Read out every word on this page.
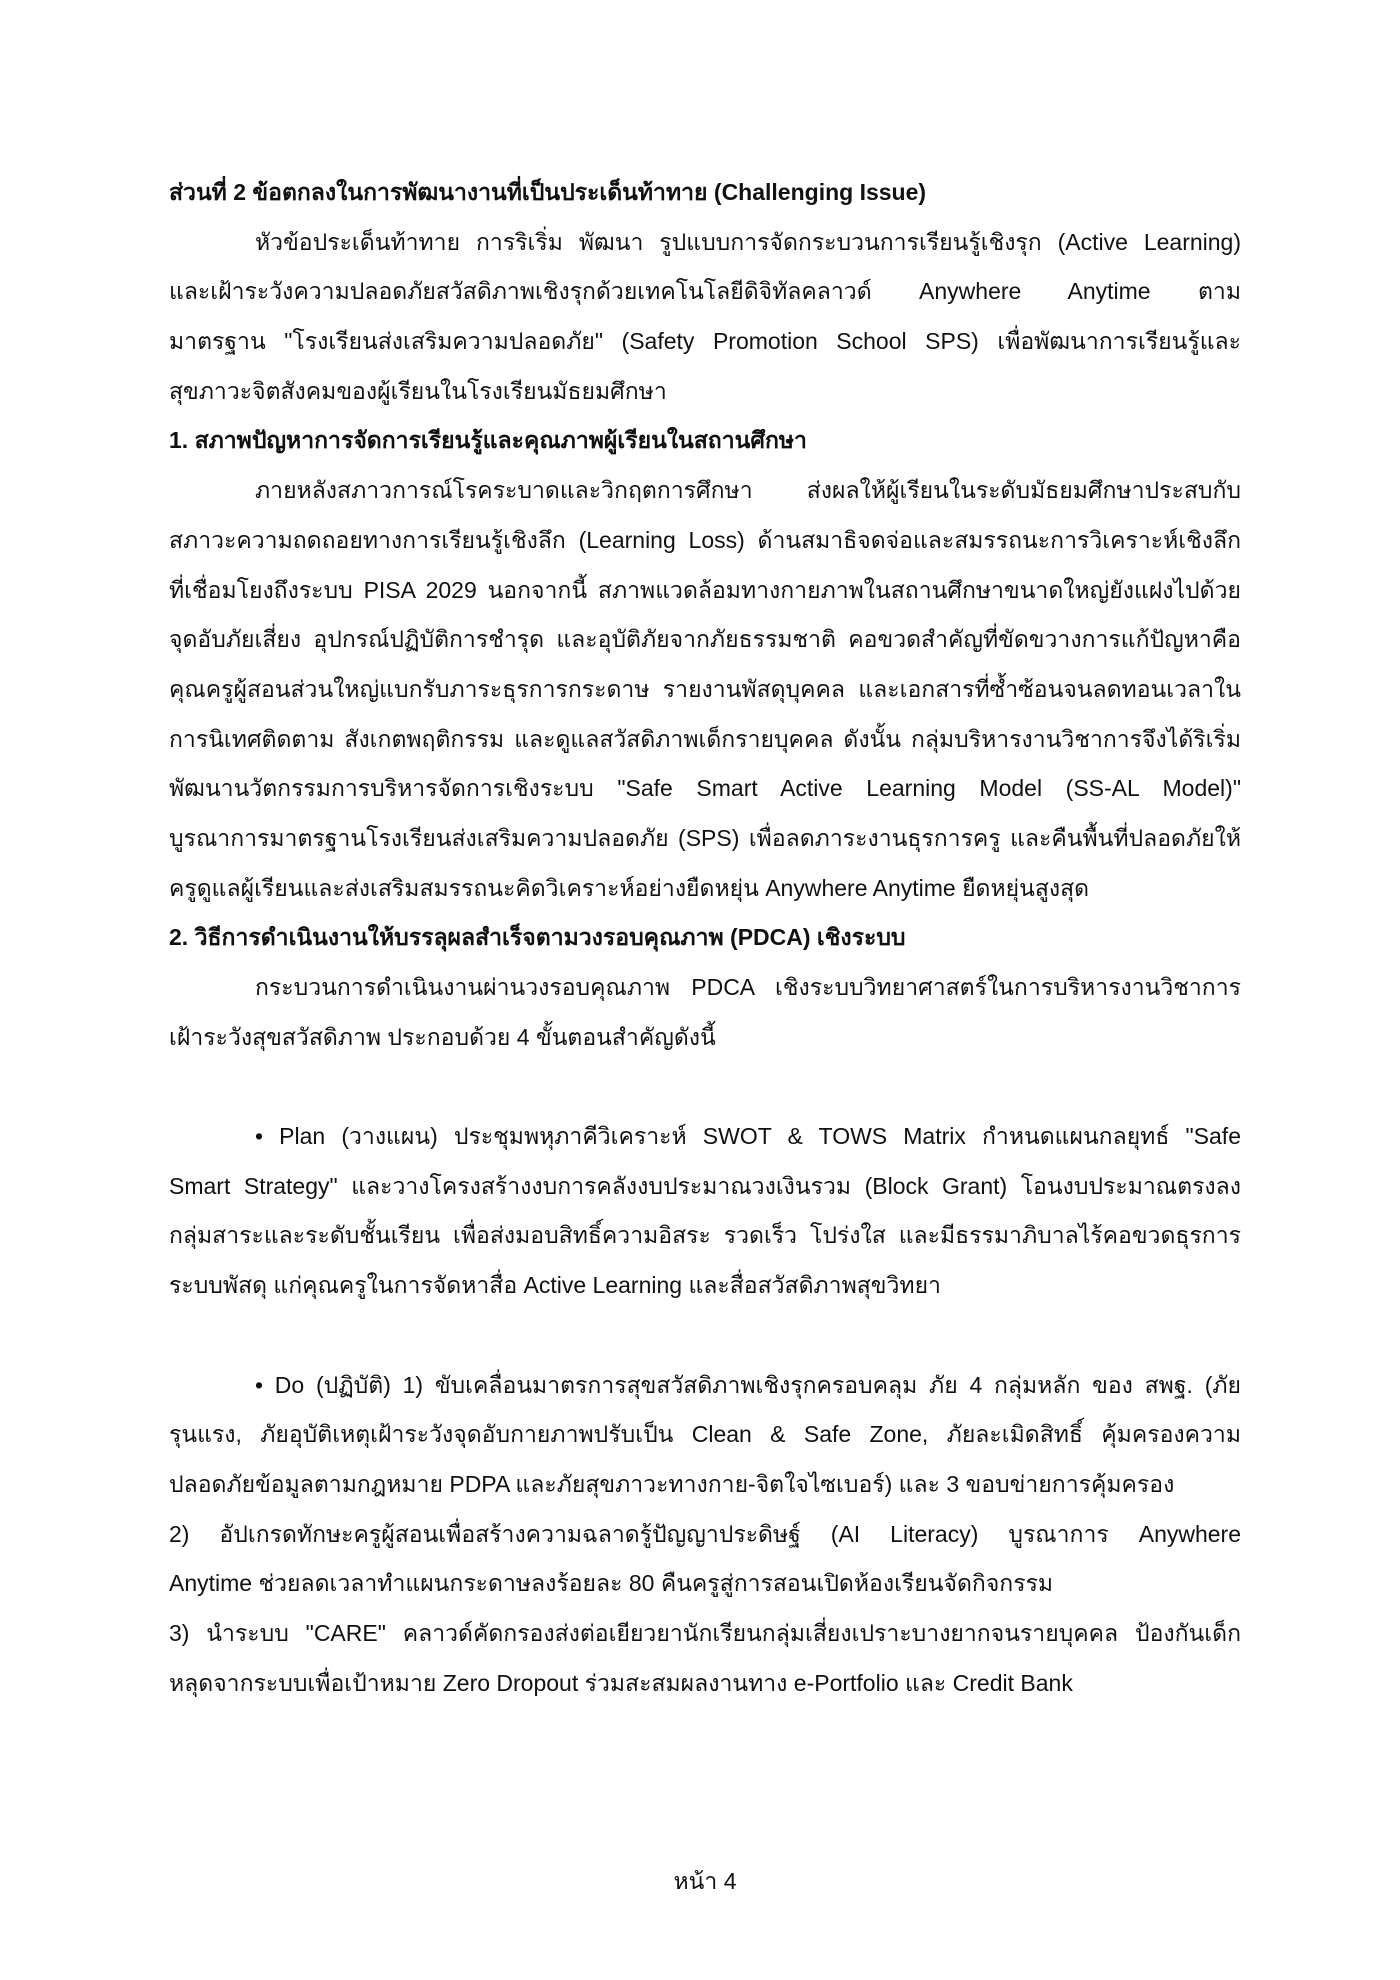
ส่วนที่ 2 ข้อตกลงในการพัฒนางานที่เป็นประเด็นท้าทาย (Challenging Issue)
หัวข้อประเด็นท้าทาย การริเริ่ม พัฒนา รูปแบบการจัดกระบวนการเรียนรู้เชิงรุก (Active Learning)
และเฝ้าระวังความปลอดภัยสวัสดิภาพเชิงรุกด้วยเทคโนโลยีดิจิทัลคลาวด์ Anywhere Anytime ตาม
มาตรฐาน "โรงเรียนส่งเสริมความปลอดภัย" (Safety Promotion School SPS) เพื่อพัฒนาการเรียนรู้และ
สุขภาวะจิตสังคมของผู้เรียนในโรงเรียนมัธยมศึกษา
1. สภาพปัญหาการจัดการเรียนรู้และคุณภาพผู้เรียนในสถานศึกษา
ภายหลังสภาวการณ์โรคระบาดและวิกฤตการศึกษา ส่งผลให้ผู้เรียนในระดับมัธยมศึกษาประสบกับ
สภาวะความถดถอยทางการเรียนรู้เชิงลึก (Learning Loss) ด้านสมาธิจดจ่อและสมรรถนะการวิเคราะห์เชิงลึก
ที่เชื่อมโยงถึงระบบ PISA 2029 นอกจากนี้ สภาพแวดล้อมทางกายภาพในสถานศึกษาขนาดใหญ่ยังแฝงไปด้วย
จุดอับภัยเสี่ยง อุปกรณ์ปฏิบัติการชำรุด และอุบัติภัยจากภัยธรรมชาติ คอขวดสำคัญที่ขัดขวางการแก้ปัญหาคือ
คุณครูผู้สอนส่วนใหญ่แบกรับภาระธุรการกระดาษ รายงานพัสดุบุคคล และเอกสารที่ซ้ำซ้อนจนลดทอนเวลาใน
การนิเทศติดตาม สังเกตพฤติกรรม และดูแลสวัสดิภาพเด็กรายบุคคล ดังนั้น กลุ่มบริหารงานวิชาการจึงได้ริเริ่ม
พัฒนานวัตกรรมการบริหารจัดการเชิงระบบ "Safe Smart Active Learning Model (SS-AL Model)"
บูรณาการมาตรฐานโรงเรียนส่งเสริมความปลอดภัย (SPS) เพื่อลดภาระงานธุรการครู และคืนพื้นที่ปลอดภัยให้
ครูดูแลผู้เรียนและส่งเสริมสมรรถนะคิดวิเคราะห์อย่างยืดหยุ่น Anywhere Anytime ยืดหยุ่นสูงสุด
2. วิธีการดำเนินงานให้บรรลุผลสำเร็จตามวงรอบคุณภาพ (PDCA) เชิงระบบ
กระบวนการดำเนินงานผ่านวงรอบคุณภาพ PDCA เชิงระบบวิทยาศาสตร์ในการบริหารงานวิชาการ
เฝ้าระวังสุขสวัสดิภาพ ประกอบด้วย 4 ขั้นตอนสำคัญดังนี้
• Plan (วางแผน) ประชุมพหุภาคีวิเคราะห์ SWOT & TOWS Matrix กำหนดแผนกลยุทธ์ "Safe
Smart Strategy" และวางโครงสร้างงบการคลังงบประมาณวงเงินรวม (Block Grant) โอนงบประมาณตรงลง
กลุ่มสาระและระดับชั้นเรียน เพื่อส่งมอบสิทธิ์ความอิสระ รวดเร็ว โปร่งใส และมีธรรมาภิบาลไร้คอขวดธุรการ
ระบบพัสดุ แก่คุณครูในการจัดหาสื่อ Active Learning และสื่อสวัสดิภาพสุขวิทยา
• Do (ปฏิบัติ) 1) ขับเคลื่อนมาตรการสุขสวัสดิภาพเชิงรุกครอบคลุม ภัย 4 กลุ่มหลัก ของ สพฐ. (ภัย
รุนแรง, ภัยอุบัติเหตุเฝ้าระวังจุดอับกายภาพปรับเป็น Clean & Safe Zone, ภัยละเมิดสิทธิ์ คุ้มครองความ
ปลอดภัยข้อมูลตามกฎหมาย PDPA และภัยสุขภาวะทางกาย-จิตใจไซเบอร์) และ 3 ขอบข่ายการคุ้มครอง
2) อัปเกรดทักษะครูผู้สอนเพื่อสร้างความฉลาดรู้ปัญญาประดิษฐ์ (AI Literacy) บูรณาการ Anywhere
Anytime ช่วยลดเวลาทำแผนกระดาษลงร้อยละ 80 คืนครูสู่การสอนเปิดห้องเรียนจัดกิจกรรม
3) นำระบบ "CARE" คลาวด์คัดกรองส่งต่อเยียวยานักเรียนกลุ่มเสี่ยงเปราะบางยากจนรายบุคคล ป้องกันเด็ก
หลุดจากระบบเพื่อเป้าหมาย Zero Dropout ร่วมสะสมผลงานทาง e-Portfolio และ Credit Bank
หน้า 4
